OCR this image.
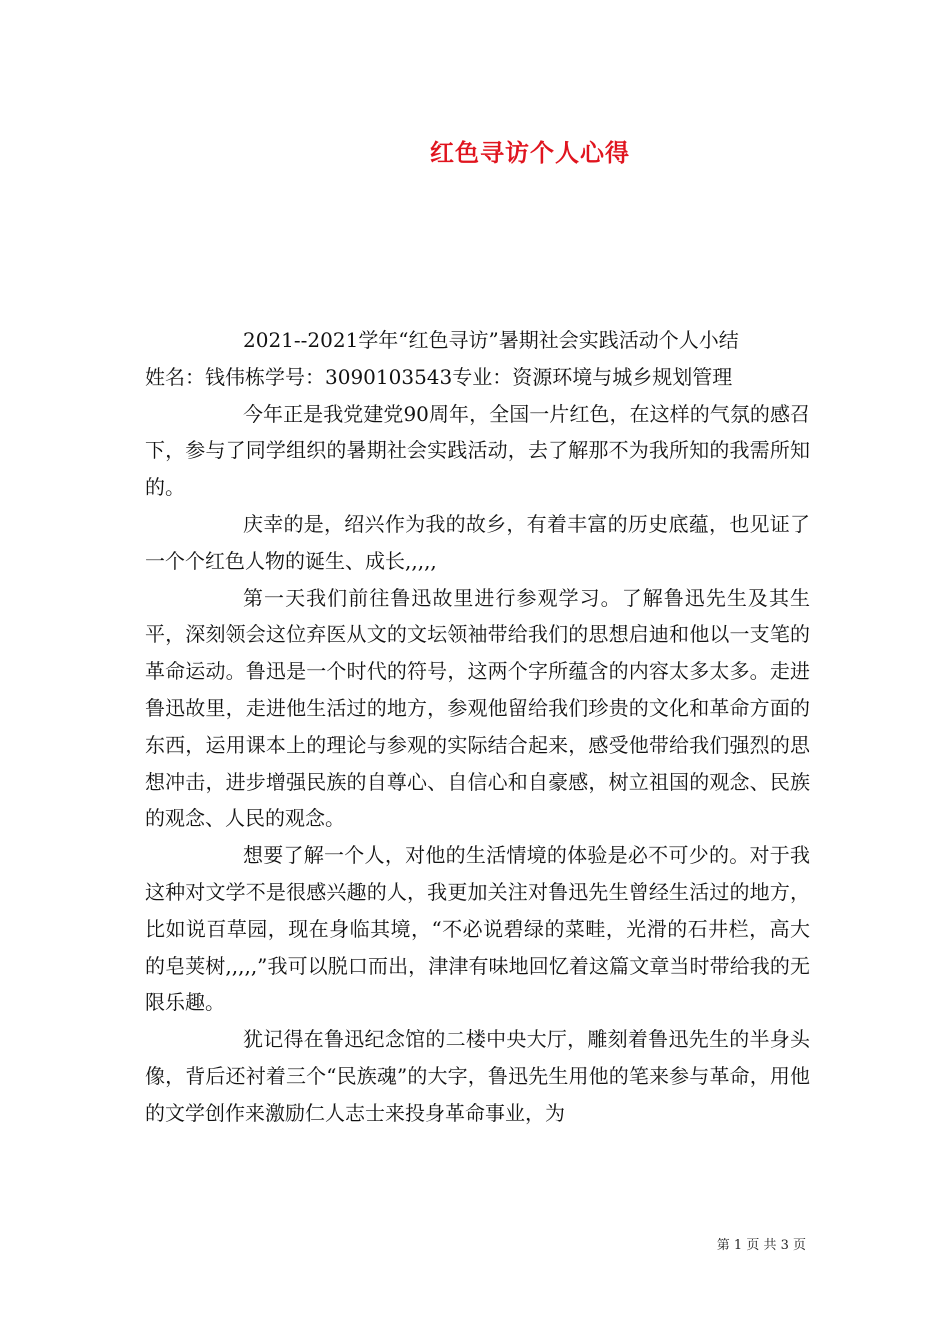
红色寻访个人心得

2021--2021学年“红色寻访”暑期社会实践活动个人小结

姓名：钱伟栋学号：3090103543专业：资源环境与城乡规划管理

今年正是我党建党90周年，全国一片红色，在这样的气氛的感召下，参与了同学组织的暑期社会实践活动，去了解那不为我所知的我需所知的。

庆幸的是，绍兴作为我的故乡，有着丰富的历史底蕴，也见证了一个个红色人物的诞生、成长,,,,,

第一天我们前往鲁迅故里进行参观学习。了解鲁迅先生及其生平，深刻领会这位弃医从文的文坛领袖带给我们的思想启迪和他以一支笔的革命运动。鲁迅是一个时代的符号，这两个字所蕴含的内容太多太多。走进鲁迅故里，走进他生活过的地方，参观他留给我们珍贵的文化和革命方面的东西，运用课本上的理论与参观的实际结合起来，感受他带给我们强烈的思想冲击，进步增强民族的自尊心、自信心和自豪感，树立祖国的观念、民族的观念、人民的观念。

想要了解一个人，对他的生活情境的体验是必不可少的。对于我这种对文学不是很感兴趣的人，我更加关注对鲁迅先生曾经生活过的地方，比如说百草园，现在身临其境，“不必说碧绿的菜畦，光滑的石井栏，高大的皂荚树,,,,,”我可以脱口而出，津津有味地回忆着这篇文章当时带给我的无限乐趣。

犹记得在鲁迅纪念馆的二楼中央大厅，雕刻着鲁迅先生的半身头像，背后还衬着三个“民族魂”的大字，鲁迅先生用他的笔来参与革命，用他的文学创作来激励仁人志士来投身革命事业，为

第 1 页 共 3 页
